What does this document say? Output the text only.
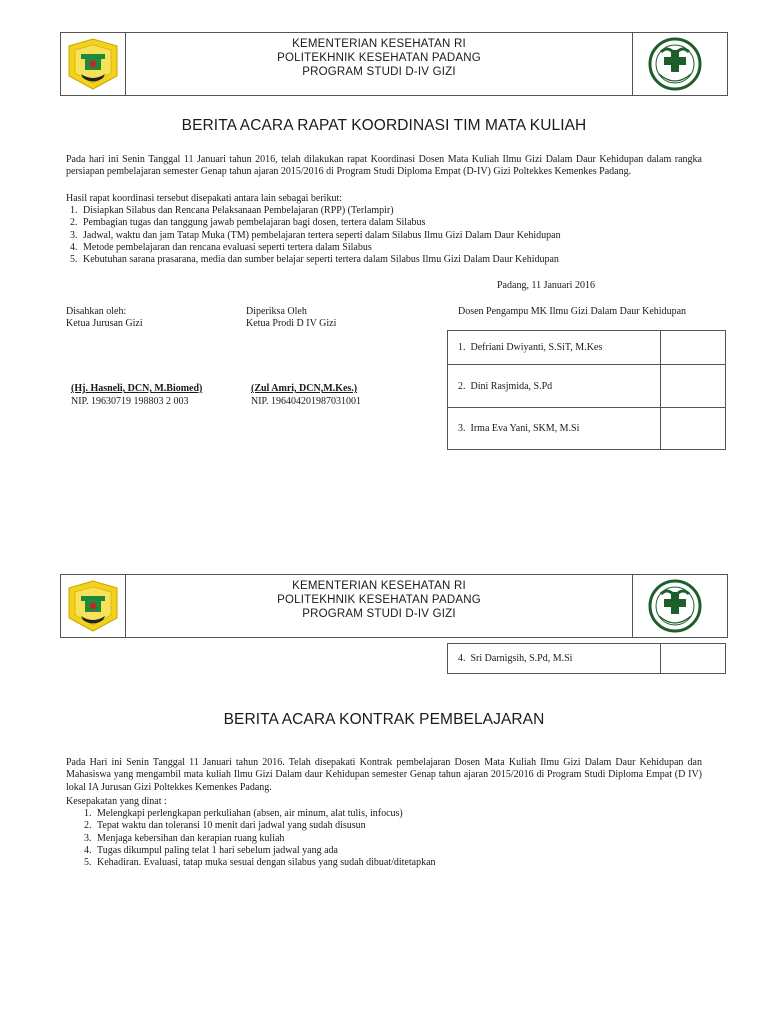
KEMENTERIAN KESEHATAN RI
POLITEKHNIK KESEHATAN PADANG
PROGRAM STUDI D-IV GIZI
BERITA ACARA RAPAT KOORDINASI TIM MATA KULIAH
Pada hari ini Senin Tanggal 11 Januari tahun 2016, telah dilakukan rapat Koordinasi Dosen Mata Kuliah Ilmu Gizi Dalam Daur Kehidupan dalam rangka persiapan pembelajaran semester Genap tahun ajaran 2015/2016 di Program Studi Diploma Empat (D-IV) Gizi Poltekkes Kemenkes Padang.
Hasil rapat koordinasi tersebut disepakati antara lain sebagai berikut:
1. Disiapkan Silabus dan Rencana Pelaksanaan Pembelajaran (RPP) (Terlampir)
2. Pembagian tugas dan tanggung jawab pembelajaran bagi dosen, tertera dalam Silabus
3. Jadwal, waktu dan jam Tatap Muka (TM) pembelajaran tertera seperti dalam Silabus Ilmu Gizi Dalam Daur Kehidupan
4. Metode pembelajaran dan rencana evaluasi seperti tertera dalam Silabus
5. Kebutuhan sarana prasarana, media dan sumber belajar seperti tertera dalam Silabus Ilmu Gizi Dalam Daur Kehidupan
Padang, 11 Januari 2016
Disahkan oleh:
Ketua Jurusan Gizi
Diperiksa Oleh
Ketua Prodi D IV Gizi
Dosen Pengampu MK Ilmu Gizi Dalam Daur Kehidupan
(Hj. Hasneli, DCN, M.Biomed)
NIP. 19630719 198803 2 003
(Zul Amri, DCN,M.Kes.)
NIP. 196404201987031001
1. Defriani Dwiyanti, S.SiT, M.Kes	
2. Dini Rasjmida, S.Pd	
3. Irma Eva Yani, SKM, M.Si	
KEMENTERIAN KESEHATAN RI
POLITEKHNIK KESEHATAN PADANG
PROGRAM STUDI D-IV GIZI
4. Sri Darnigsih, S.Pd, M.Si	
BERITA ACARA KONTRAK PEMBELAJARAN
Pada Hari ini Senin Tanggal 11 Januari tahun 2016. Telah disepakati Kontrak pembelajaran Dosen Mata Kuliah Ilmu Gizi Dalam Daur Kehidupan dan Mahasiswa yang mengambil mata kuliah Ilmu Gizi Dalam daur Kehidupan semester Genap tahun ajaran 2015/2016 di Program Studi Diploma Empat (D IV) lokal IA Jurusan Gizi Poltekkes Kemenkes Padang.
Kesepakatan yang dinat :
1. Melengkapi perlengkapan perkuliahan (absen, air minum, alat tulis, infocus)
2. Tepat waktu dan toleransi 10 menit dari jadwal yang sudah disusun
3. Menjaga kebersihan dan kerapian ruang kuliah
4. Tugas dikumpul paling telat 1 hari sebelum jadwal yang ada
5. Kehadiran. Evaluasi, tatap muka sesuai dengan silabus yang sudah dibuat/ditetapkan
